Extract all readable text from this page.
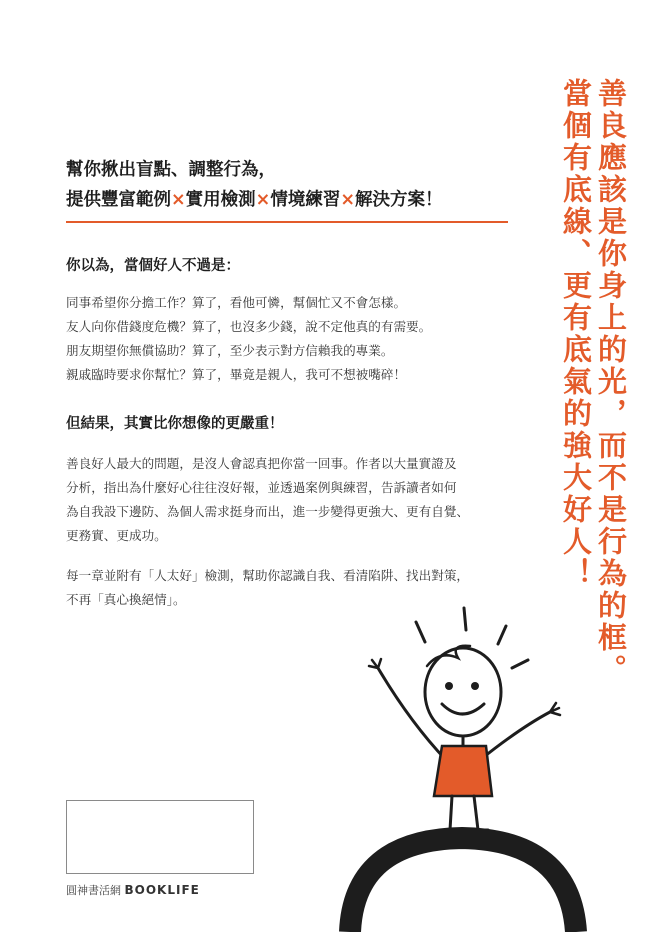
善良應該是你身上的光，而不是行為的框。
當個有底線、更有底氣的強大好人！
幫你揪出盲點、調整行為，
提供豐富範例×實用檢測×情境練習×解決方案！
你以為，當個好人不過是：
同事希望你分擔工作？算了，看他可憐，幫個忙又不會怎樣。
友人向你借錢度危機？算了，也沒多少錢，說不定他真的有需要。
朋友期望你無償協助？算了，至少表示對方信賴我的專業。
親戚臨時要求你幫忙？算了，畢竟是親人，我可不想被嘴碎！
但結果，其實比你想像的更嚴重！
善良好人最大的問題，是沒人會認真把你當一回事。作者以大量實證及
分析，指出為什麼好心往往沒好報，並透過案例與練習，告訴讀者如何
為自我設下邊防、為個人需求挺身而出，進一步變得更強大、更有自覺、
更務實、更成功。
每一章並附有「人太好」檢測，幫助你認識自我、看清陷阱、找出對策，
不再「真心換絕情」。
圓神書活網 BOOKLIFE
